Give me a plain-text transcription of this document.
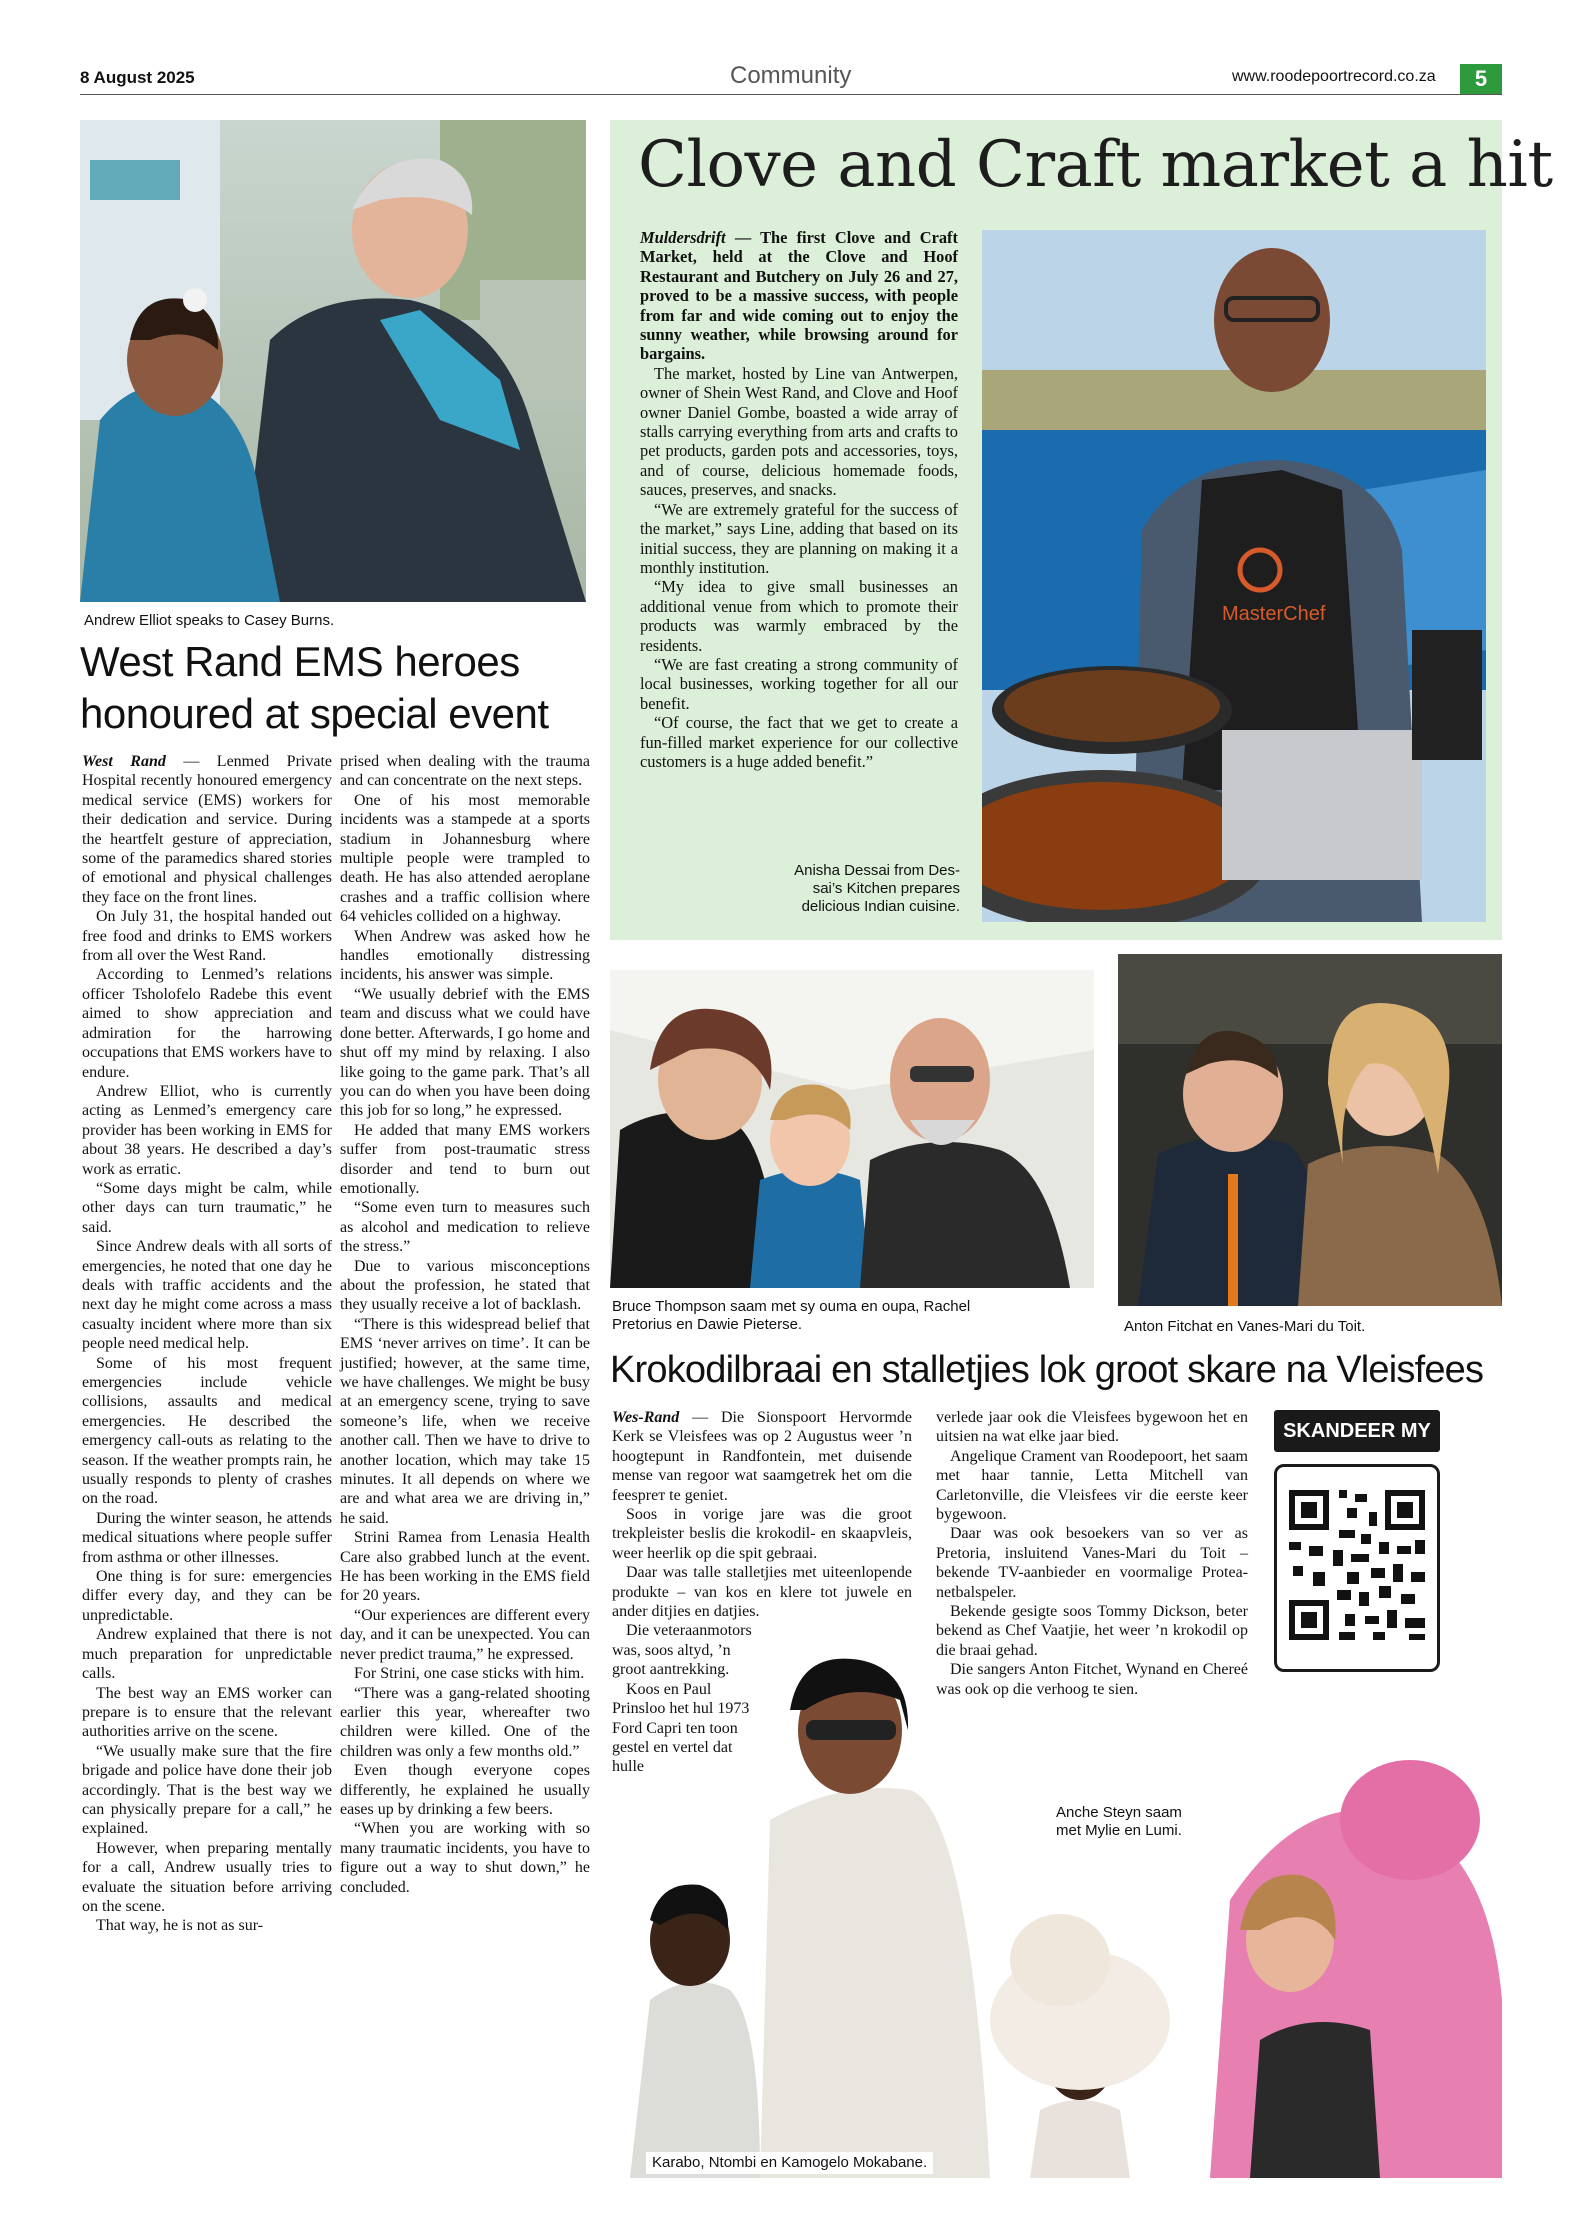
8 August 2025	Community	www.roodepoortrecord.co.za	5
Andrew Elliot speaks to Casey Burns.
West Rand EMS heroes
honoured at special event

West Rand — Lenmed Private Hospital recently honoured emergency medical service (EMS) workers for their dedication and service. During the heartfelt gesture of appreciation, some of the paramedics shared stories of emotional and physical challenges they face on the front lines.

On July 31, the hospital handed out free food and drinks to EMS workers from all over the West Rand.

According to Lenmed’s relations officer Tsholofelo Radebe this event aimed to show appreciation and admiration for the harrowing occupations that EMS workers have to endure.

Andrew Elliot, who is currently acting as Lenmed’s emergency care provider has been working in EMS for about 38 years. He described a day’s work as erratic.

“Some days might be calm, while other days can turn traumatic,” he said.

Since Andrew deals with all sorts of emergencies, he noted that one day he deals with traffic accidents and the next day he might come across a mass casualty incident where more than six people need medical help.

Some of his most frequent emergencies include vehicle collisions, assaults and medical emergencies. He described the emergency call-outs as relating to the season. If the weather prompts rain, he usually responds to plenty of crashes on the road.

During the winter season, he attends medical situations where people suffer from asthma or other illnesses.

One thing is for sure: emergencies differ every day, and they can be unpredictable.

Andrew explained that there is not much preparation for unpredictable calls.

The best way an EMS worker can prepare is to ensure that the relevant authorities arrive on the scene.

“We usually make sure that the fire brigade and police have done their job accordingly. That is the best way we can physically prepare for a call,” he explained.

However, when preparing mentally for a call, Andrew usually tries to evaluate the situation before arriving on the scene.

That way, he is not as sur-

prised when dealing with the trauma and can concentrate on the next steps.

One of his most memorable incidents was a stampede at a sports stadium in Johannesburg where multiple people were trampled to death. He has also attended aeroplane crashes and a traffic collision where 64 vehicles collided on a highway.

When Andrew was asked how he handles emotionally distressing incidents, his answer was simple.

“We usually debrief with the EMS team and discuss what we could have done better. Afterwards, I go home and shut off my mind by relaxing. I also like going to the game park. That’s all you can do when you have been doing this job for so long,” he expressed.

He added that many EMS workers suffer from post-traumatic stress disorder and tend to burn out emotionally.

“Some even turn to measures such as alcohol and medication to relieve the stress.”

Due to various misconceptions about the profession, he stated that they usually receive a lot of backlash.

“There is this widespread belief that EMS ‘never arrives on time’. It can be justified; however, at the same time, we have challenges. We might be busy at an emergency scene, trying to save someone’s life, when we receive another call. Then we have to drive to another location, which may take 15 minutes. It all depends on where we are and what area we are driving in,” he said.

Strini Ramea from Lenasia Health Care also grabbed lunch at the event. He has been working in the EMS field for 20 years.

“Our experiences are different every day, and it can be unexpected. You can never predict trauma,” he expressed.

For Strini, one case sticks with him.

“There was a gang-related shooting earlier this year, whereafter two children were killed. One of the children was only a few months old.”

Even though everyone copes differently, he explained he usually eases up by drinking a few beers.

“When you are working with so many traumatic incidents, you have to figure out a way to shut down,” he concluded.

Clove and Craft market a hit

Muldersdrift — The first Clove and Craft Market, held at the Clove and Hoof Restaurant and Butchery on July 26 and 27, proved to be a massive success, with people from far and wide coming out to enjoy the sunny weather, while browsing around for bargains.

The market, hosted by Line van Antwerpen, owner of Shein West Rand, and Clove and Hoof owner Daniel Gombe, boasted a wide array of stalls carrying everything from arts and crafts to pet products, garden pots and accessories, toys, and of course, delicious homemade foods, sauces, preserves, and snacks.

“We are extremely grateful for the success of the market,” says Line, adding that based on its initial success, they are planning on making it a monthly institution.

“My idea to give small businesses an additional venue from which to promote their products was warmly embraced by the residents.

“We are fast creating a strong community of local businesses, working together for all our benefit.

“Of course, the fact that we get to create a fun-filled market experience for our collective customers is a huge added benefit.”

Anisha Dessai from Des-
sai’s Kitchen prepares
delicious Indian cuisine.
MasterChef
Bruce Thompson saam met sy ouma en oupa, Rachel
Pretorius en Dawie Pieterse.	Anton Fitchat en Vanes-Mari du Toit.
Krokodilbraai en stalletjies lok groot skare na Vleisfees

Wes-Rand — Die Sionspoort Hervormde Kerk se Vleisfees was op 2 Augustus weer ’n hoogtepunt in Randfontein, met duisende mense van regoor wat saamgetrek het om die feesprет te geniet.

Soos in vorige jare was die groot trekpleister beslis die krokodil- en skaapvleis, weer heerlik op die spit gebraai.

Daar was talle stalletjies met uiteenlopende produkte – van kos en klere tot juwele en ander ditjies en datjies.

Die veteraanmotors was, soos altyd, ’n groot aantrekking.

Koos en Paul Prinsloo het hul 1973 Ford Capri ten toon gestel en vertel dat hulle

verlede jaar ook die Vleisfees bygewoon het en uitsien na wat elke jaar bied.

Angelique Crament van Roodepoort, het saam met haar tannie, Letta Mitchell van Carletonville, die Vleisfees vir die eerste keer bygewoon.

Daar was ook besoekers van so ver as Pretoria, insluitend Vanes-Mari du Toit – bekende TV-aanbieder en voormalige Protea-netbalspeler.

Bekende gesigte soos Tommy Dickson, beter bekend as Chef Vaatjie, het weer ’n krokodil op die braai gehad.

Die sangers Anton Fitchet, Wynand en Chereé was ook op die verhoog te sien.

SKANDEER MY
Anche Steyn saam
met Mylie en Lumi.
Karabo, Ntombi en Kamogelo Mokabane.
